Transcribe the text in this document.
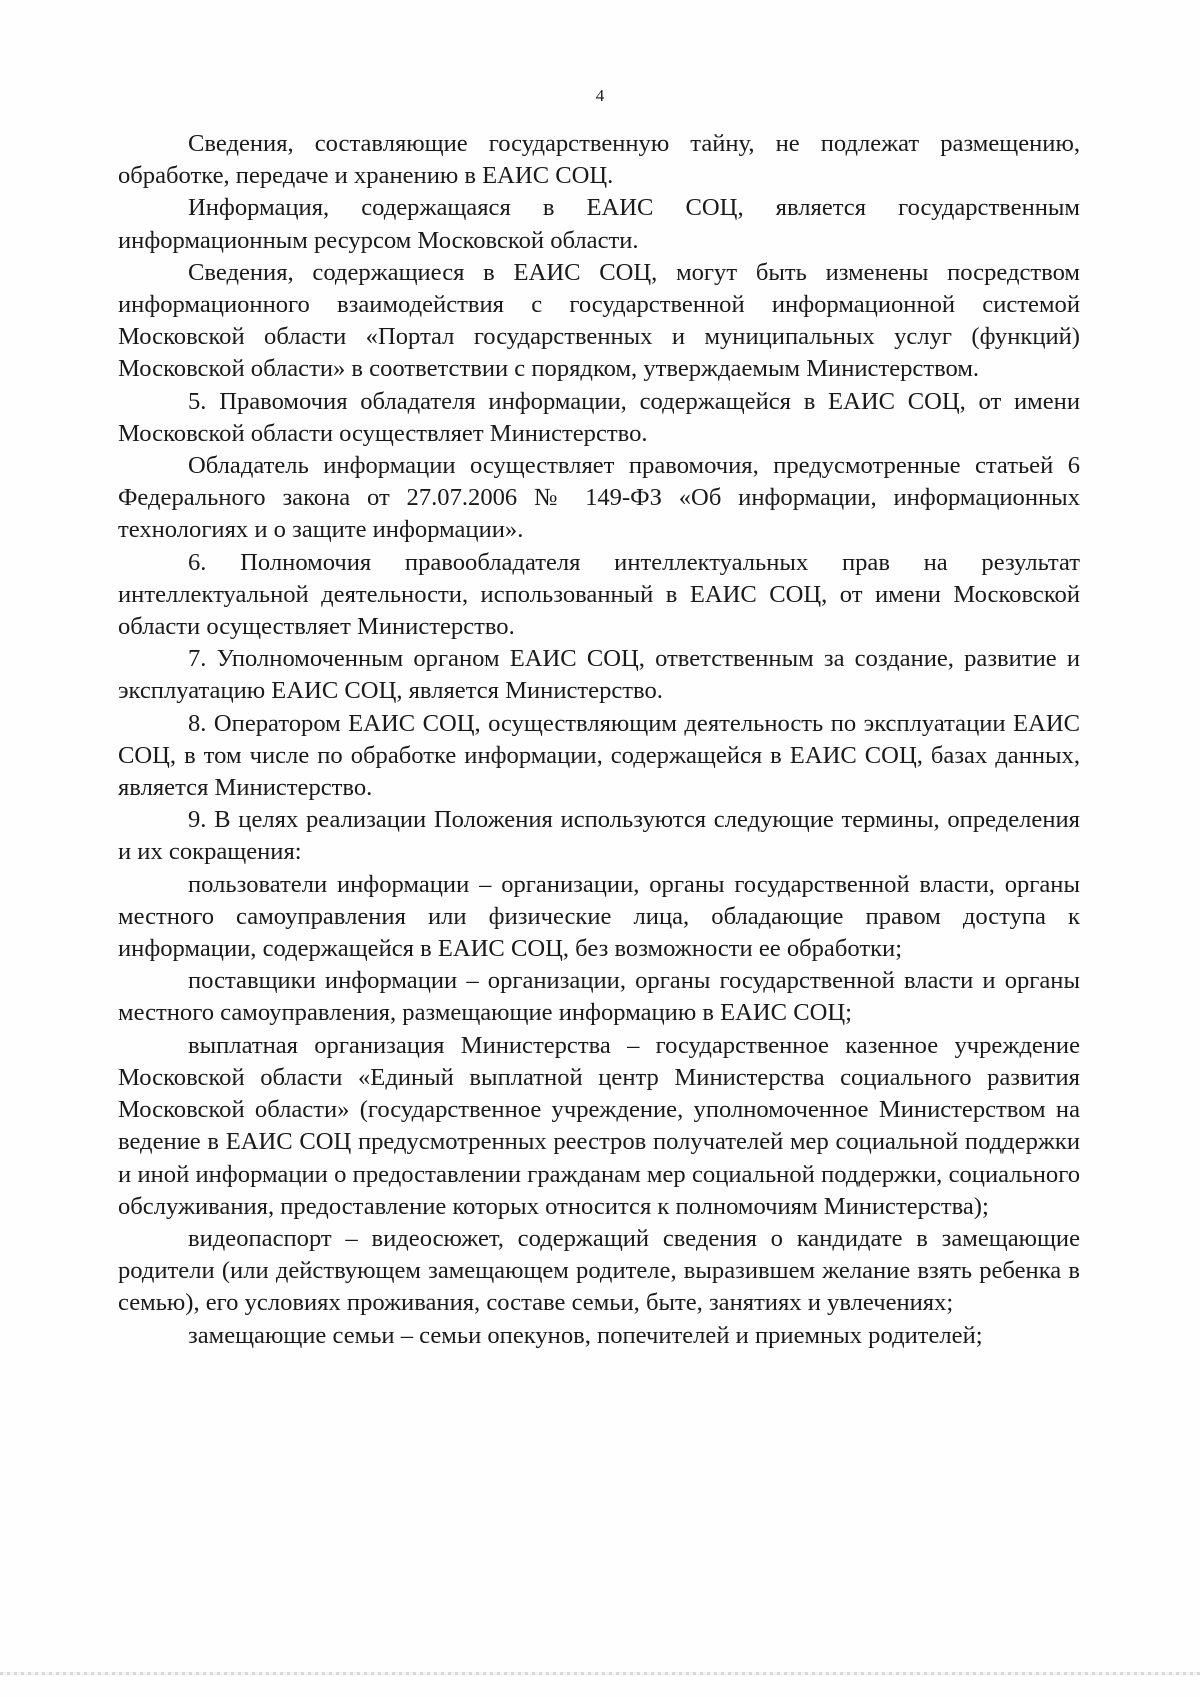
4

Сведения, составляющие государственную тайну, не подлежат размещению, обработке, передаче и хранению в ЕАИС СОЦ.

Информация, содержащаяся в ЕАИС СОЦ, является государственным информационным ресурсом Московской области.

Сведения, содержащиеся в ЕАИС СОЦ, могут быть изменены посредством информационного взаимодействия с государственной информационной системой Московской области «Портал государственных и муниципальных услуг (функций) Московской области» в соответствии с порядком, утверждаемым Министерством.

5. Правомочия обладателя информации, содержащейся в ЕАИС СОЦ, от имени Московской области осуществляет Министерство.

Обладатель информации осуществляет правомочия, предусмотренные статьей 6 Федерального закона от 27.07.2006 № 149-ФЗ «Об информации, информационных технологиях и о защите информации».

6. Полномочия правообладателя интеллектуальных прав на результат интеллектуальной деятельности, использованный в ЕАИС СОЦ, от имени Московской области осуществляет Министерство.

7. Уполномоченным органом ЕАИС СОЦ, ответственным за создание, развитие и эксплуатацию ЕАИС СОЦ, является Министерство.

8. Оператором ЕАИС СОЦ, осуществляющим деятельность по эксплуатации ЕАИС СОЦ, в том числе по обработке информации, содержащейся в ЕАИС СОЦ, базах данных, является Министерство.

9. В целях реализации Положения используются следующие термины, определения и их сокращения:

пользователи информации – организации, органы государственной власти, органы местного самоуправления или физические лица, обладающие правом доступа к информации, содержащейся в ЕАИС СОЦ, без возможности ее обработки;

поставщики информации – организации, органы государственной власти и органы местного самоуправления, размещающие информацию в ЕАИС СОЦ;

выплатная организация Министерства – государственное казенное учреждение Московской области «Единый выплатной центр Министерства социального развития Московской области» (государственное учреждение, уполномоченное Министерством на ведение в ЕАИС СОЦ предусмотренных реестров получателей мер социальной поддержки и иной информации о предоставлении гражданам мер социальной поддержки, социального обслуживания, предоставление которых относится к полномочиям Министерства);

видеопаспорт – видеосюжет, содержащий сведения о кандидате в замещающие родители (или действующем замещающем родителе, выразившем желание взять ребенка в семью), его условиях проживания, составе семьи, быте, занятиях и увлечениях;

замещающие семьи – семьи опекунов, попечителей и приемных родителей;
